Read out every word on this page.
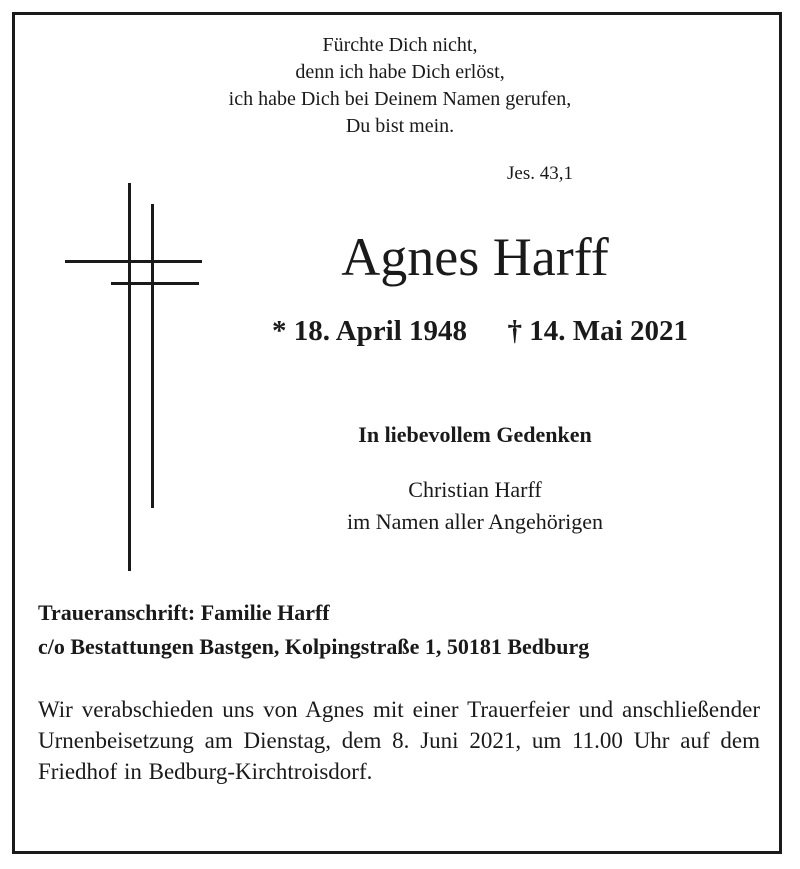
Fürchte Dich nicht,
denn ich habe Dich erlöst,
ich habe Dich bei Deinem Namen gerufen,
Du bist mein.
Jes. 43,1
Agnes Harff
* 18. April 1948 † 14. Mai 2021
In liebevollem Gedenken
Christian Harff
im Namen aller Angehörigen
Traueranschrift: Familie Harff
c/o Bestattungen Bastgen, Kolpingstraße 1, 50181 Bedburg
Wir verabschieden uns von Agnes mit einer Trauerfeier und anschließender Urnenbeisetzung am Dienstag, dem 8. Juni 2021, um 11.00 Uhr auf dem Friedhof in Bedburg-Kirchtroisdorf.
